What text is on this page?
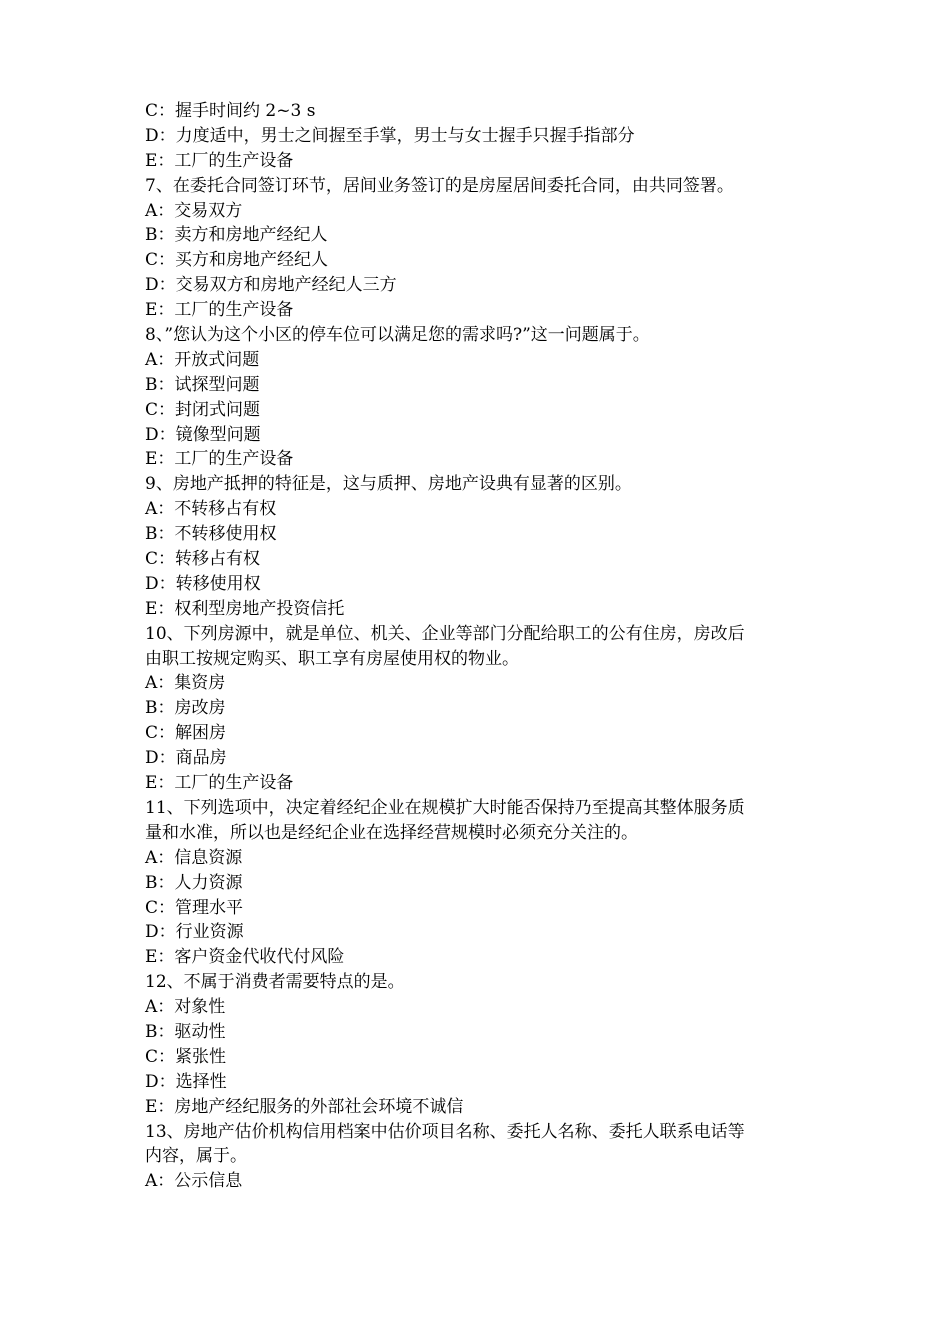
C：握手时间约 2~3 s
D：力度适中，男士之间握至手掌，男士与女士握手只握手指部分
E：工厂的生产设备
7、在委托合同签订环节，居间业务签订的是房屋居间委托合同，由共同签署。
A：交易双方
B：卖方和房地产经纪人
C：买方和房地产经纪人
D：交易双方和房地产经纪人三方
E：工厂的生产设备
8、”您认为这个小区的停车位可以满足您的需求吗?”这一问题属于。
A：开放式问题
B：试探型问题
C：封闭式问题
D：镜像型问题
E：工厂的生产设备
9、房地产抵押的特征是，这与质押、房地产设典有显著的区别。
A：不转移占有权
B：不转移使用权
C：转移占有权
D：转移使用权
E：权利型房地产投资信托
10、下列房源中，就是单位、机关、企业等部门分配给职工的公有住房，房改后
由职工按规定购买、职工享有房屋使用权的物业。
A：集资房
B：房改房
C：解困房
D：商品房
E：工厂的生产设备
11、下列选项中，决定着经纪企业在规模扩大时能否保持乃至提高其整体服务质
量和水准，所以也是经纪企业在选择经营规模时必须充分关注的。
A：信息资源
B：人力资源
C：管理水平
D：行业资源
E：客户资金代收代付风险
12、不属于消费者需要特点的是。
A：对象性
B：驱动性
C：紧张性
D：选择性
E：房地产经纪服务的外部社会环境不诚信
13、房地产估价机构信用档案中估价项目名称、委托人名称、委托人联系电话等
内容，属于。
A：公示信息
